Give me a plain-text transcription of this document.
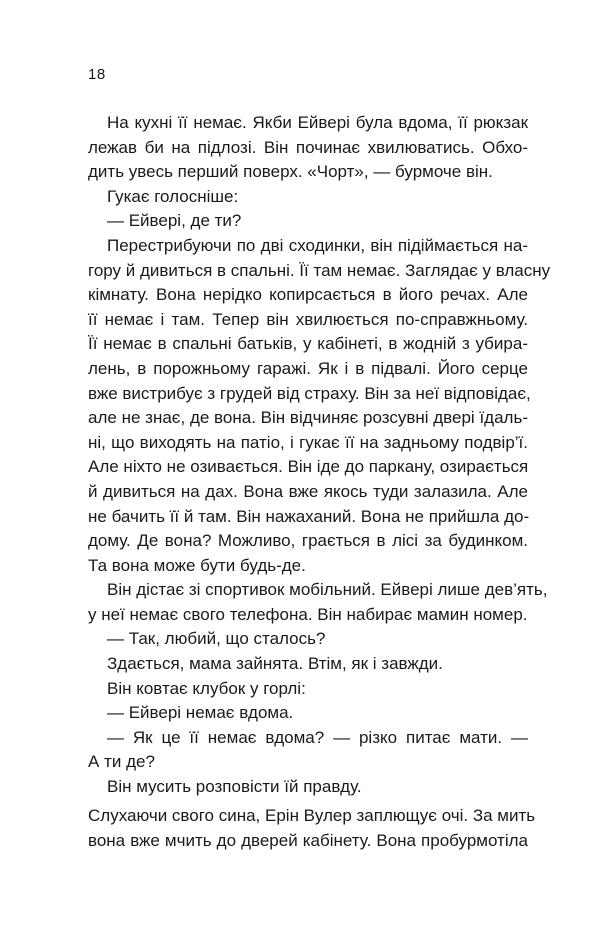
18
На кухні її немає. Якби Ейвері була вдома, її рюкзак
лежав би на підлозі. Він починає хвилюватись. Обхо-
дить увесь перший поверх. «Чорт», — бурмоче він.
Гукає голосніше:
— Ейвері, де ти?
Перестрибуючи по дві сходинки, він підіймається на-
гору й дивиться в спальні. Її там немає. Заглядає у власну
кімнату. Вона нерідко копирсається в його речах. Але
її немає і там. Тепер він хвилюється по-справжньому.
Її немає в спальні батьків, у кабінеті, в жодній з убира-
лень, в порожньому гаражі. Як і в підвалі. Його серце
вже вистрибує з грудей від страху. Він за неї відповідає,
але не знає, де вона. Він відчиняє розсувні двері їдаль-
ні, що виходять на патіо, і гукає її на задньому подвір’ї.
Але ніхто не озивається. Він іде до паркану, озирається
й дивиться на дах. Вона вже якось туди залазила. Але
не бачить її й там. Він нажаханий. Вона не прийшла до-
дому. Де вона? Можливо, грається в лісі за будинком.
Та вона може бути будь-де.
Він дістає зі спортивок мобільний. Ейвері лише дев’ять,
у неї немає свого телефона. Він набирає мамин номер.
— Так, любий, що сталось?
Здається, мама зайнята. Втім, як і завжди.
Він ковтає клубок у горлі:
— Ейвері немає вдома.
— Як це її немає вдома? — різко питає мати. —
А ти де?
Він мусить розповісти їй правду.
Слухаючи свого сина, Ерін Вулер заплющує очі. За мить
вона вже мчить до дверей кабінету. Вона пробурмотіла
